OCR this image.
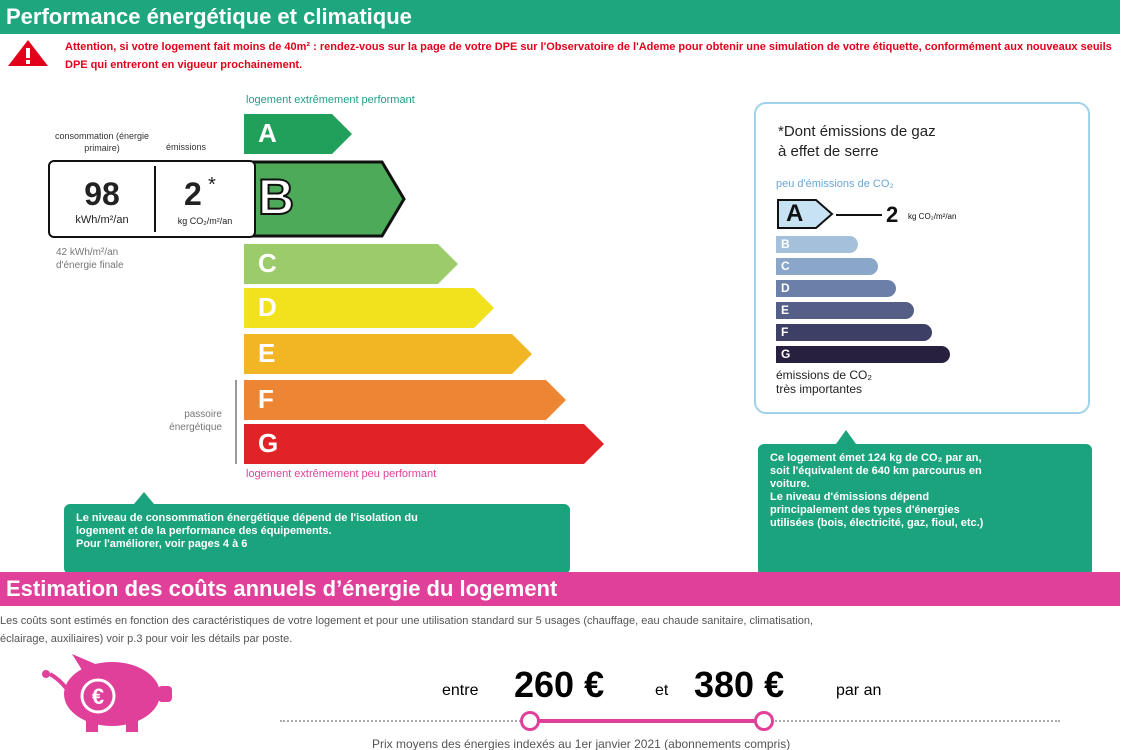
Performance énergétique et climatique
Attention, si votre logement fait moins de 40m² : rendez-vous sur la page de votre DPE sur l'Observatoire de l'Ademe pour obtenir une simulation de votre étiquette, conformément aux nouveaux seuils DPE qui entreront en vigueur prochainement.
logement extrêmement performant
logement extrêmement peu performant
A
B
C
D
E
F
G
passoire énergétique
consommation (énergie primaire)	émissions
98
kWh/m²/an
2 *
kg CO₂/m²/an
42 kWh/m²/an d'énergie finale
Le niveau de consommation énergétique dépend de l'isolation du
logement et de la performance des équipements.
Pour l'améliorer, voir pages 4 à 6
*Dont émissions de gaz
à effet de serre
peu d'émissions de CO₂
A	2 kg CO₂/m²/an
B
C
D
E
F
G
émissions de CO₂
très importantes
Ce logement émet 124 kg de CO₂ par an,
soit l'équivalent de 640 km parcourus en
voiture.
Le niveau d'émissions dépend
principalement des types d'énergies
utilisées (bois, électricité, gaz, fioul, etc.)
Estimation des coûts annuels d’énergie du logement
Les coûts sont estimés en fonction des caractéristiques de votre logement et pour une utilisation standard sur 5 usages (chauffage, eau chaude sanitaire, climatisation,
éclairage, auxiliaires) voir p.3 pour voir les détails par poste.
€	entre 260 €	et 380 €	par an
Prix moyens des énergies indexés au 1er janvier 2021 (abonnements compris)
